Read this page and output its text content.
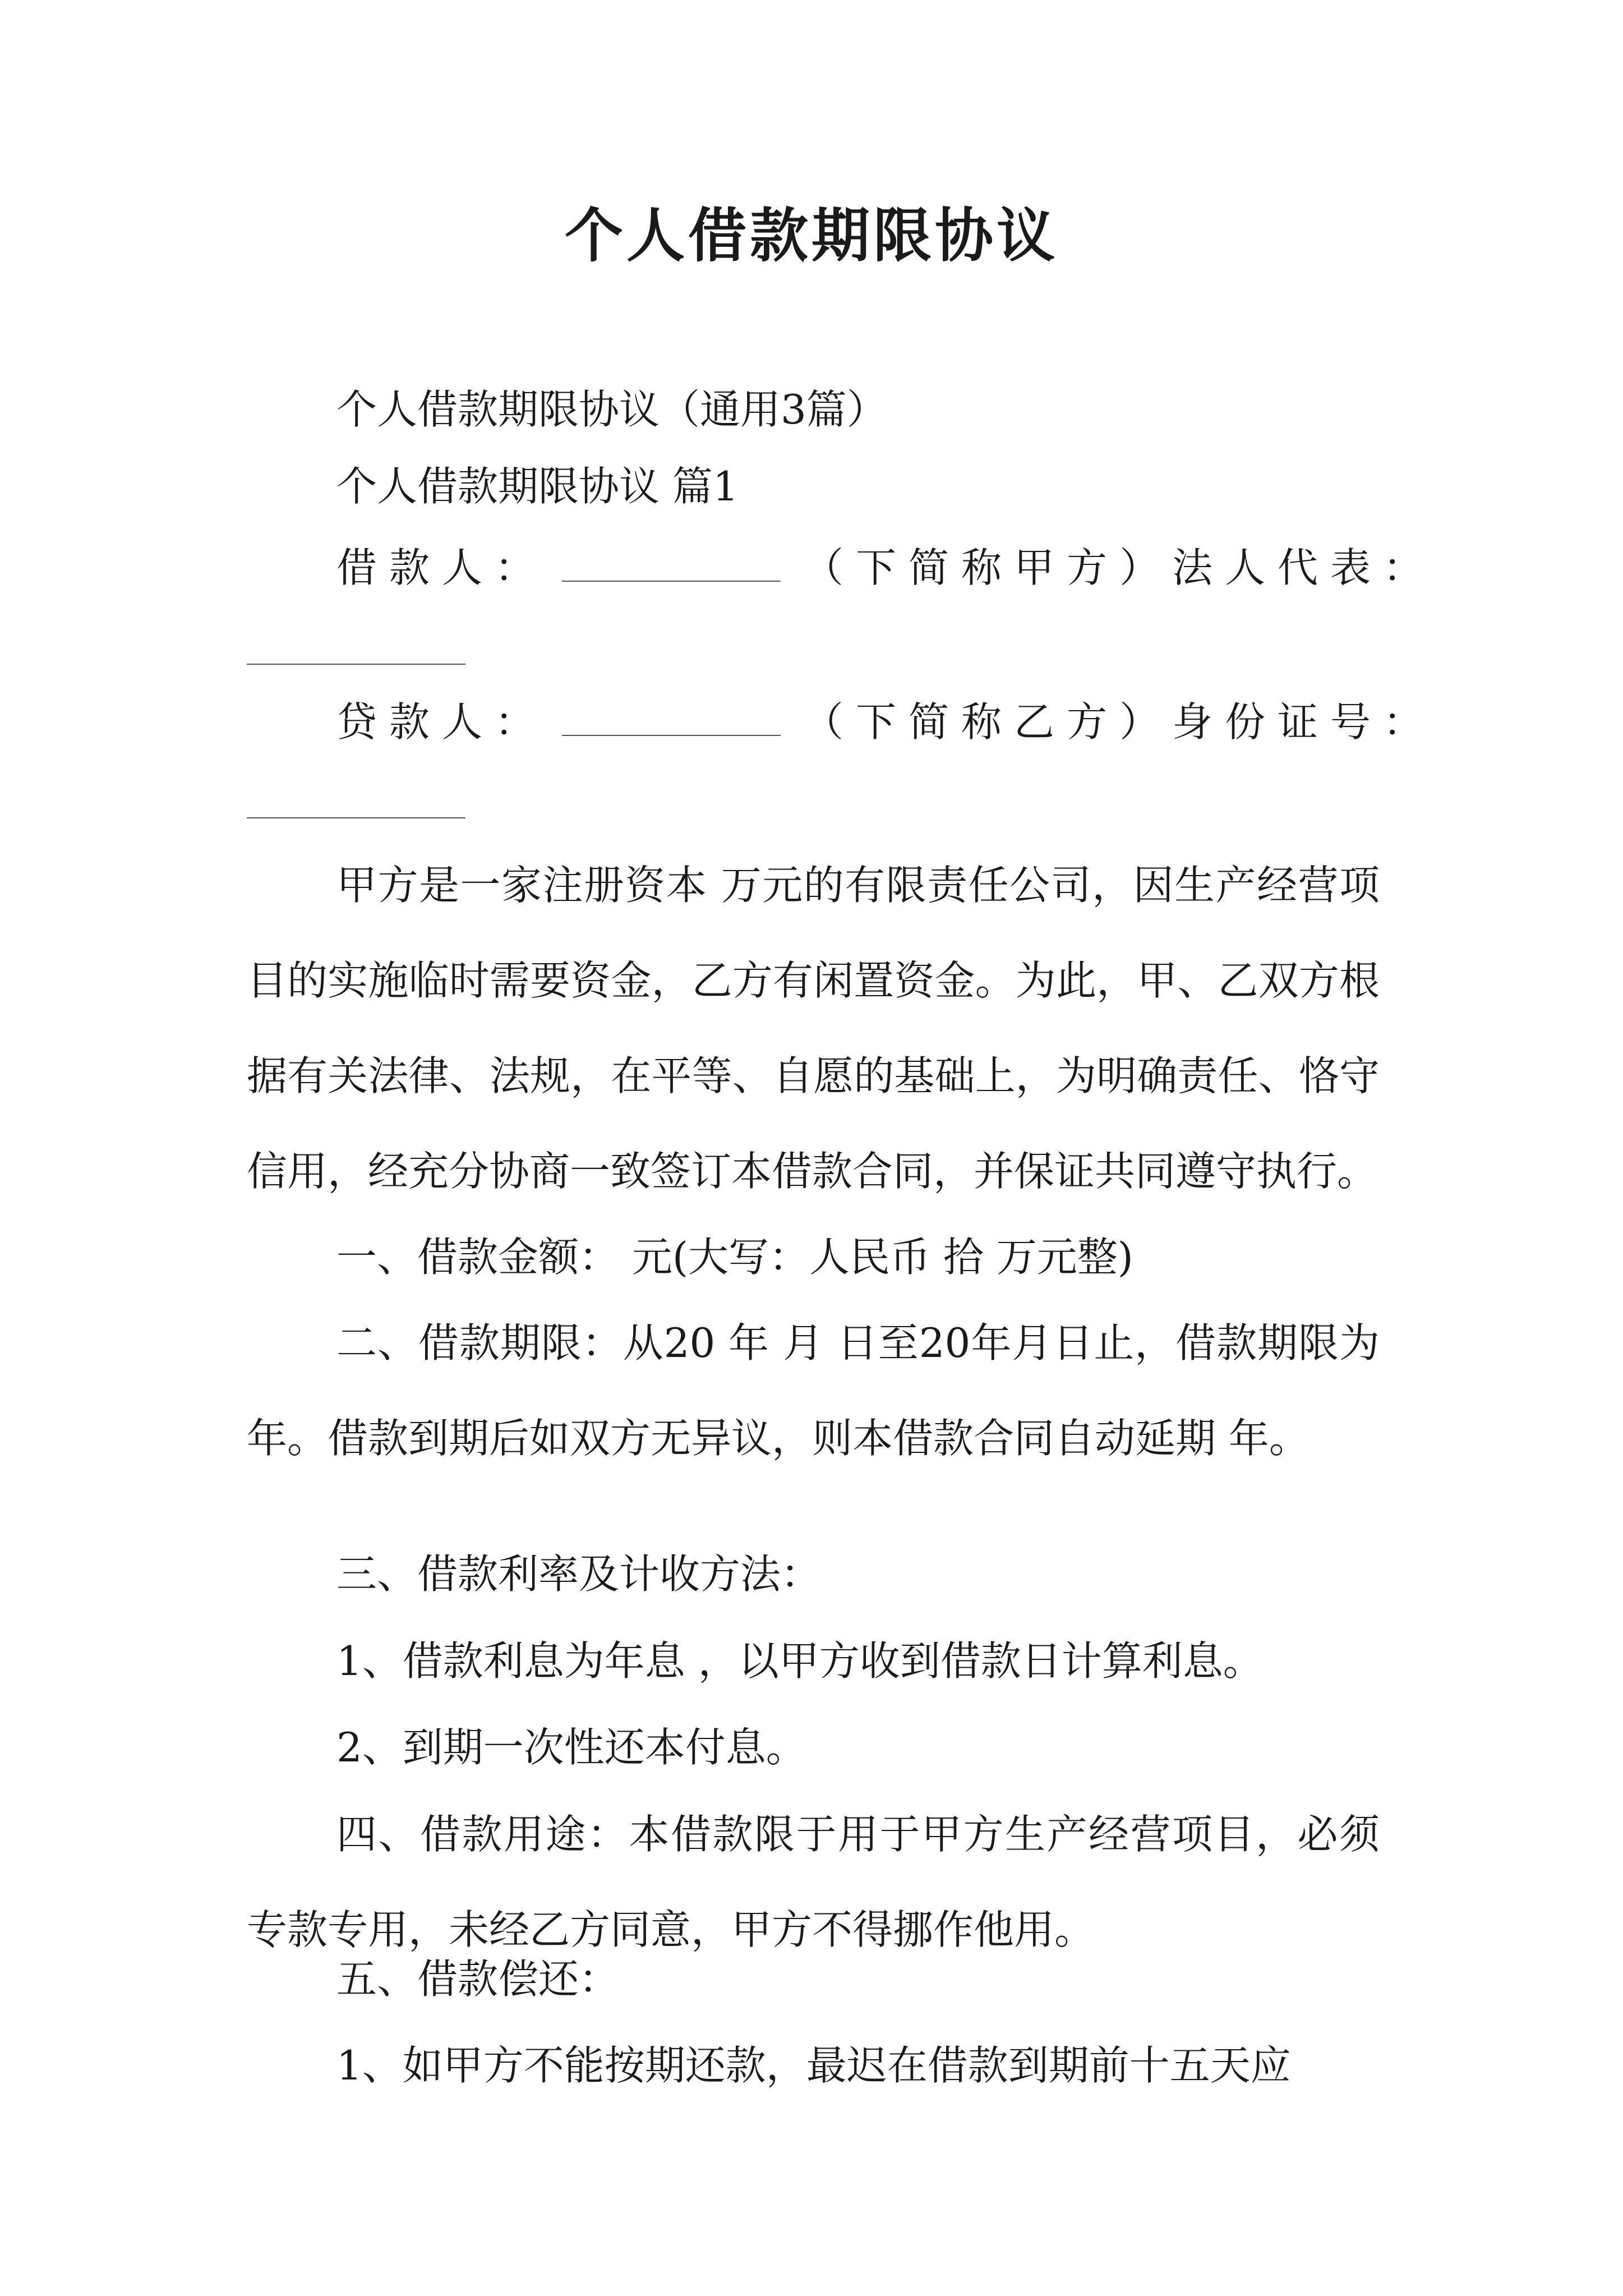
个人借款期限协议
个人借款期限协议（通用3篇）
个人借款期限协议 篇1
借款人：	（下简称甲方）法人代表：
贷款人：	（下简称乙方）身份证号：
甲方是一家注册资本 万元的有限责任公司，因生产经营项目的实施临时需要资金，乙方有闲置资金。为此，甲、乙双方根据有关法律、法规，在平等、自愿的基础上，为明确责任、恪守信用，经充分协商一致签订本借款合同，并保证共同遵守执行。
一、借款金额： 元(大写：人民币 拾 万元整)
二、借款期限：从20 年 月 日至20年月日止，借款期限为 年。借款到期后如双方无异议，则本借款合同自动延期 年。
三、借款利率及计收方法：
1、借款利息为年息 ，以甲方收到借款日计算利息。
2、到期一次性还本付息。
四、借款用途：本借款限于用于甲方生产经营项目，必须专款专用，未经乙方同意，甲方不得挪作他用。
五、借款偿还：
1、如甲方不能按期还款，最迟在借款到期前十五天应
